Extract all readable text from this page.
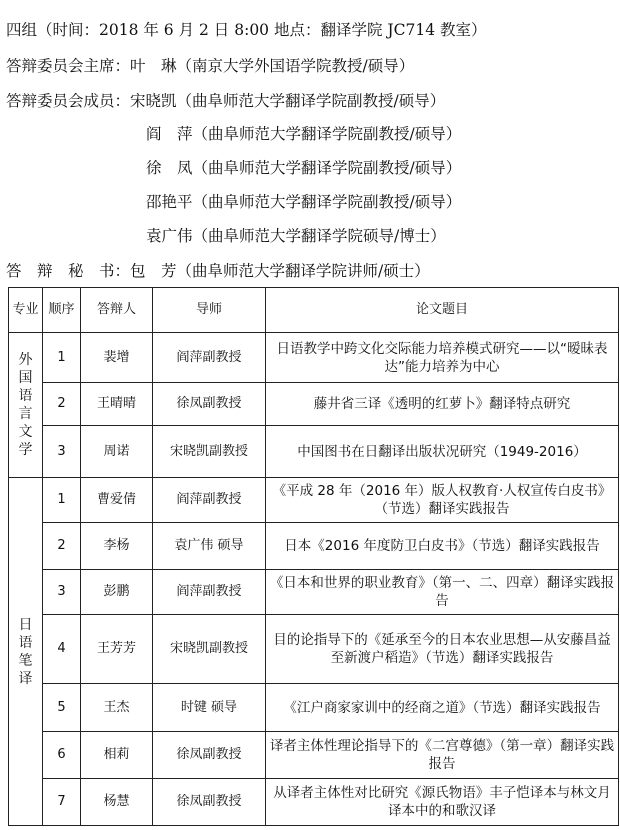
四组（时间：2018 年 6 月 2 日 8:00 地点：翻译学院 JC714 教室）
答辩委员会主席：叶　琳（南京大学外国语学院教授/硕导）
答辩委员会成员：宋晓凯（曲阜师范大学翻译学院副教授/硕导）
阎　萍（曲阜师范大学翻译学院副教授/硕导）
徐　凤（曲阜师范大学翻译学院副教授/硕导）
邵艳平（曲阜师范大学翻译学院副教授/硕导）
袁广伟（曲阜师范大学翻译学院硕导/博士）
答　辩　秘　书：包　芳（曲阜师范大学翻译学院讲师/硕士）
专业	顺序	答辩人	导师	论文题目
外国语言文学	1	裴增	阎萍副教授	日语教学中跨文化交际能力培养模式研究——以“暧昧表达”能力培养为中心
	2	王晴晴	徐凤副教授	藤井省三译《透明的红萝卜》翻译特点研究
	3	周诺	宋晓凯副教授	中国图书在日翻译出版状况研究（1949-2016）
日语笔译	1	曹爱倩	阎萍副教授	《平成 28 年（2016 年）版人权教育·人权宣传白皮书》（节选）翻译实践报告
	2	李杨	袁广伟 硕导	日本《2016 年度防卫白皮书》（节选）翻译实践报告
	3	彭鹏	阎萍副教授	《日本和世界的职业教育》（第一、二、四章）翻译实践报告
	4	王芳芳	宋晓凯副教授	目的论指导下的《延承至今的日本农业思想—从安藤昌益至新渡户稻造》（节选）翻译实践报告
	5	王杰	时键 硕导	《江户商家家训中的经商之道》（节选）翻译实践报告
	6	相莉	徐凤副教授	译者主体性理论指导下的《二宫尊德》（第一章）翻译实践报告
	7	杨慧	徐凤副教授	从译者主体性对比研究《源氏物语》丰子恺译本与林文月译本中的和歌汉译
